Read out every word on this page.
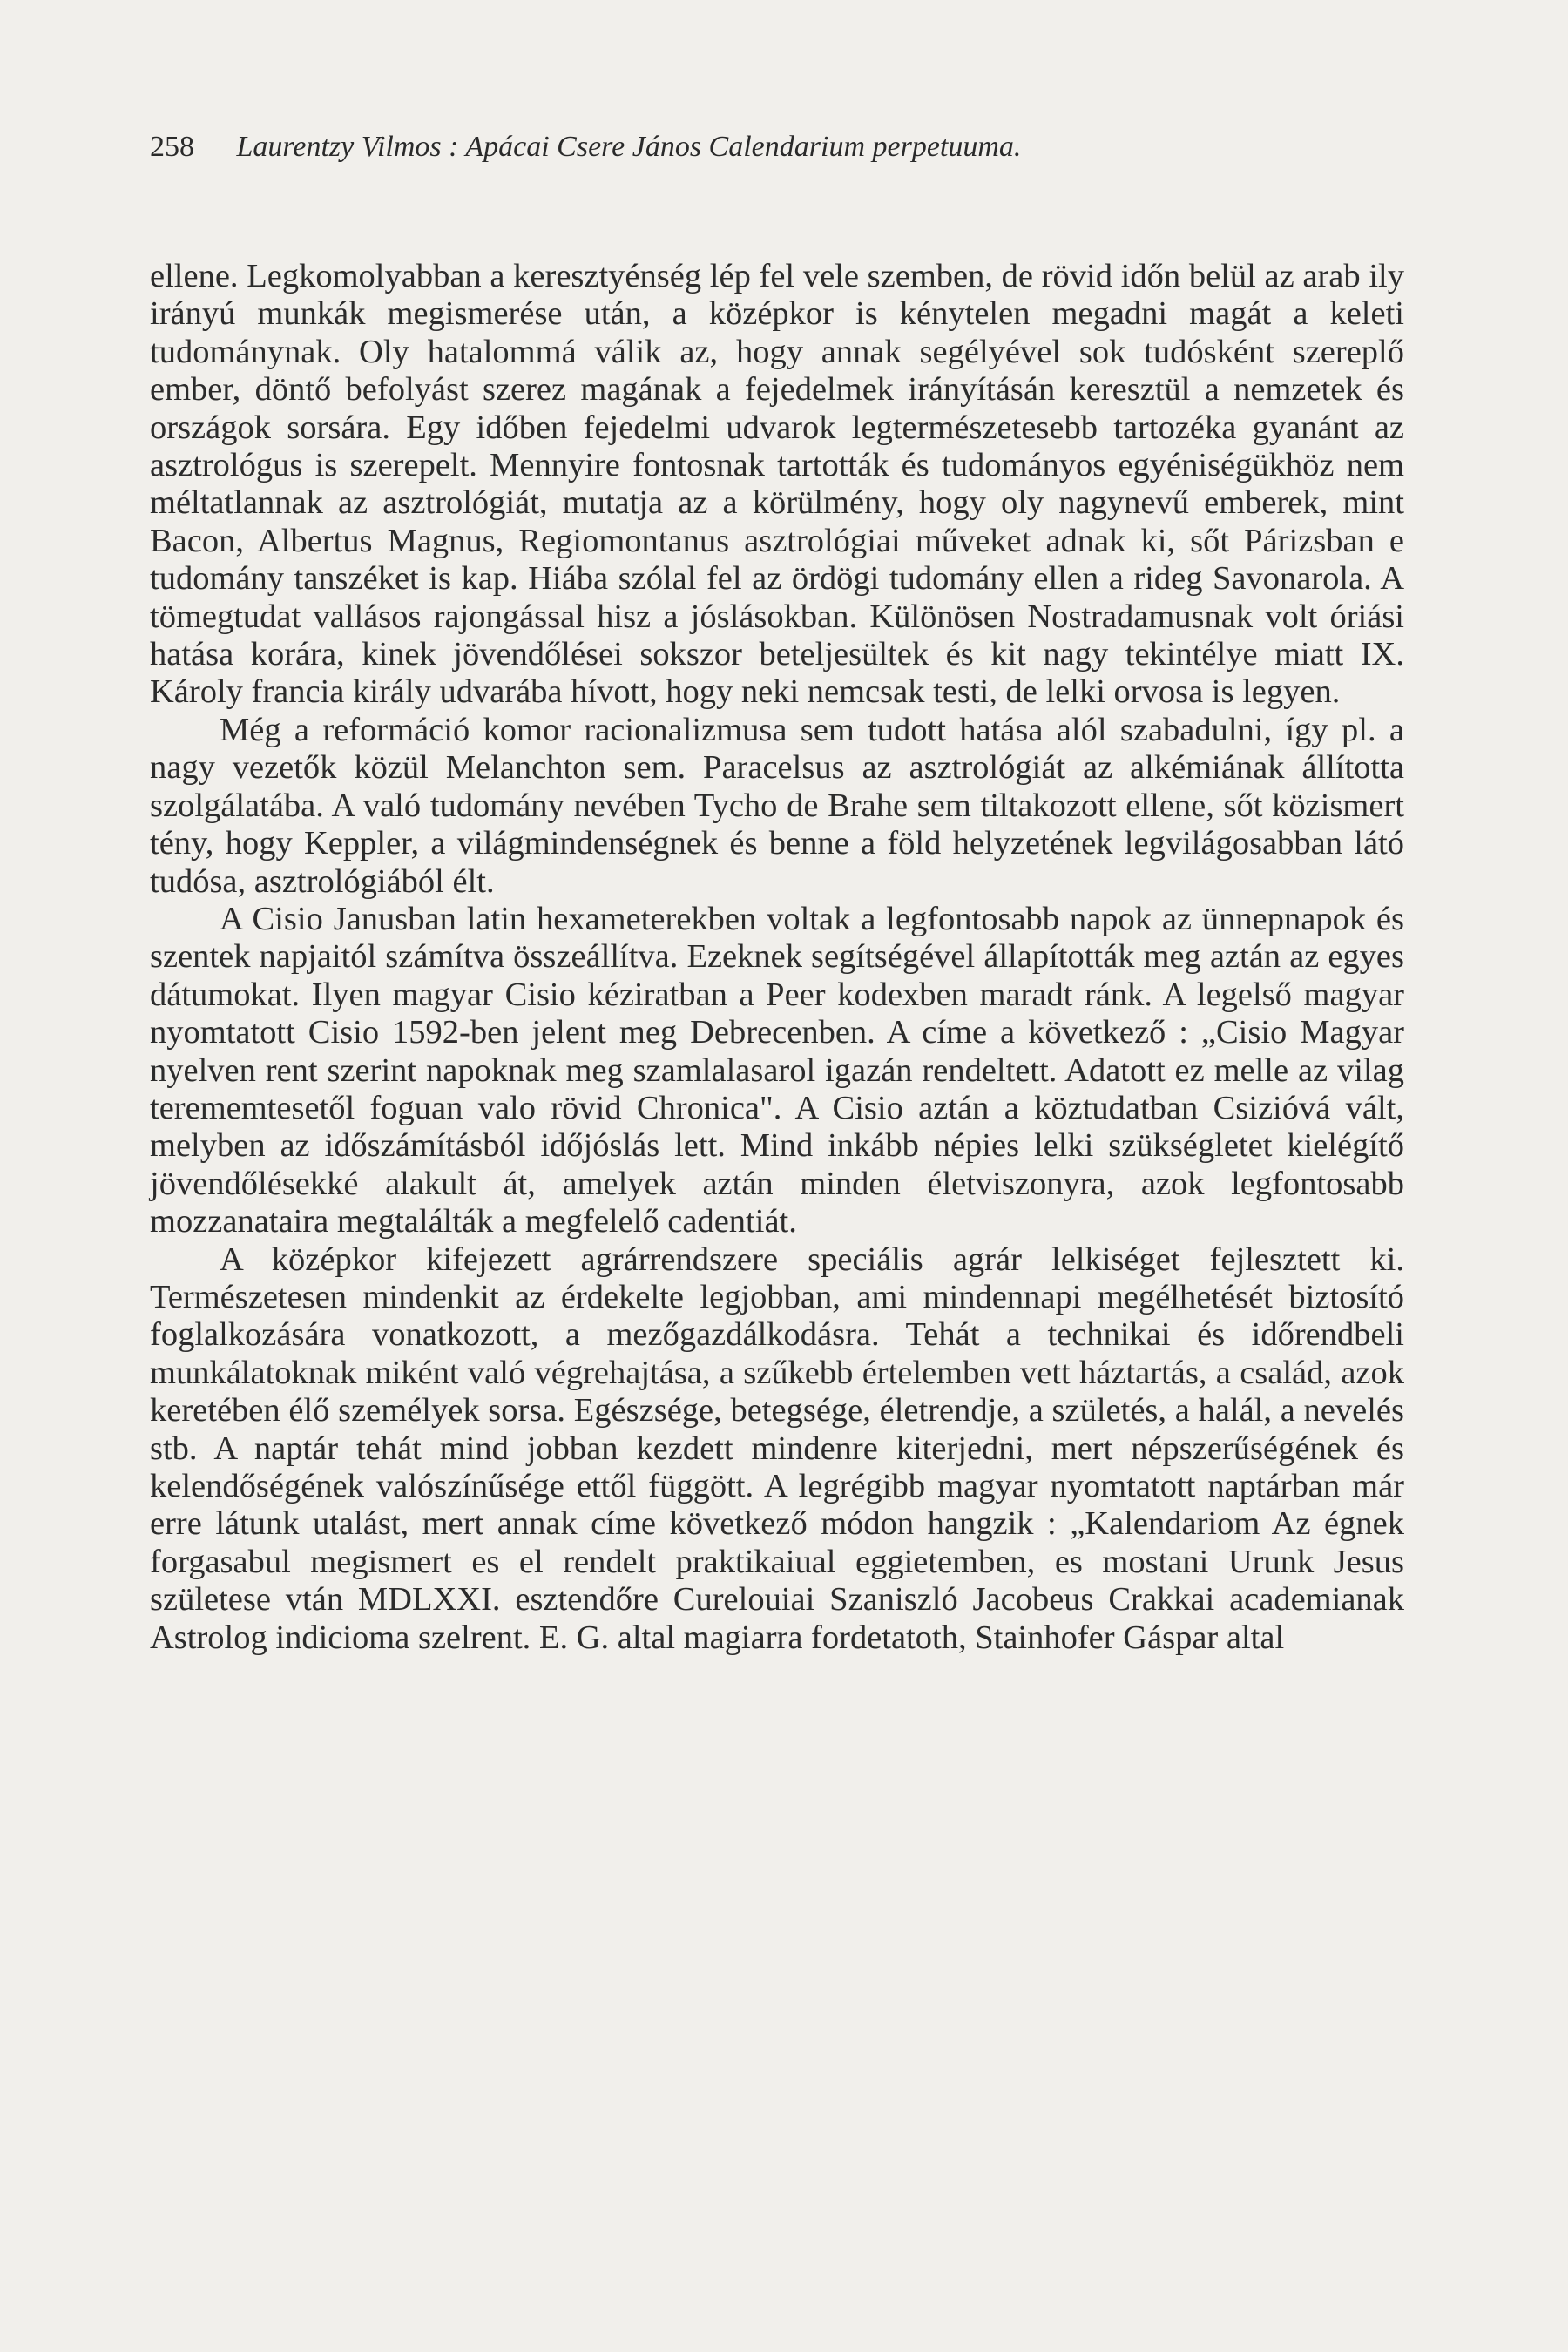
258 Laurentzy Vilmos : Apácai Csere János Calendarium perpetuuma.

ellene. Legkomolyabban a keresztyénség lép fel vele szemben, de rövid időn belül az arab ily irányú munkák megismerése után, a középkor is kénytelen megadni magát a keleti tudománynak. Oly hatalommá válik az, hogy annak segélyével sok tudósként szereplő ember, döntő befolyást szerez magának a fejedelmek irányításán keresztül a nemzetek és országok sorsára. Egy időben fejedelmi udvarok legtermészetesebb tartozéka gyanánt az asztrológus is szerepelt. Mennyire fontosnak tartották és tudományos egyéniségükhöz nem méltatlannak az asztrológiát, mutatja az a körülmény, hogy oly nagynevű emberek, mint Bacon, Albertus Magnus, Regiomontanus asztrológiai műveket adnak ki, sőt Párizsban e tudomány tanszéket is kap. Hiába szólal fel az ördögi tudomány ellen a rideg Savonarola. A tömegtudat vallásos rajongással hisz a jóslásokban. Különösen Nostradamusnak volt óriási hatása korára, kinek jövendőlései sokszor beteljesültek és kit nagy tekintélye miatt IX. Károly francia király udvarába hívott, hogy neki nemcsak testi, de lelki orvosa is legyen.

Még a reformáció komor racionalizmusa sem tudott hatása alól szabadulni, így pl. a nagy vezetők közül Melanchton sem. Paracelsus az asztrológiát az alkémiának állította szolgálatába. A való tudomány nevében Tycho de Brahe sem tiltakozott ellene, sőt közismert tény, hogy Keppler, a világmindenségnek és benne a föld helyzetének legvilágosabban látó tudósa, asztrológiából élt.

A Cisio Janusban latin hexameterekben voltak a legfontosabb napok az ünnepnapok és szentek napjaitól számítva összeállítva. Ezeknek segítségével állapították meg aztán az egyes dátumokat. Ilyen magyar Cisio kéziratban a Peer kodexben maradt ránk. A legelső magyar nyomtatott Cisio 1592-ben jelent meg Debrecenben. A címe a következő : „Cisio Magyar nyelven rent szerint napoknak meg szamlalasarol igazán rendeltett. Adatott ez melle az vilag terememtesetől foguan valo rövid Chronica". A Cisio aztán a köztudatban Csizióvá vált, melyben az időszámításból időjóslás lett. Mind inkább népies lelki szükségletet kielégítő jövendőlésekké alakult át, amelyek aztán minden életviszonyra, azok legfontosabb mozzanataira megtalálták a megfelelő cadentiát.

A középkor kifejezett agrárrendszere speciális agrár lelkiséget fejlesztett ki. Természetesen mindenkit az érdekelte legjobban, ami mindennapi megélhetését biztosító foglalkozására vonatkozott, a mezőgazdálkodásra. Tehát a technikai és időrendbeli munkálatoknak miként való végrehajtása, a szűkebb értelemben vett háztartás, a család, azok keretében élő személyek sorsa. Egészsége, betegsége, életrendje, a születés, a halál, a nevelés stb. A naptár tehát mind jobban kezdett mindenre kiterjedni, mert népszerűségének és kelendőségének valószínűsége ettől függött. A legrégibb magyar nyomtatott naptárban már erre látunk utalást, mert annak címe következő módon hangzik : „Kalendariom Az égnek forgasabul megismert es el rendelt praktikaiual eggietemben, es mostani Urunk Jesus születese vtán MDLXXI. esztendőre Curelouiai Szaniszló Jacobeus Crakkai academianak Astrolog indicioma szelrent. E. G. altal magiarra fordetatoth, Stainhofer Gáspar altal
